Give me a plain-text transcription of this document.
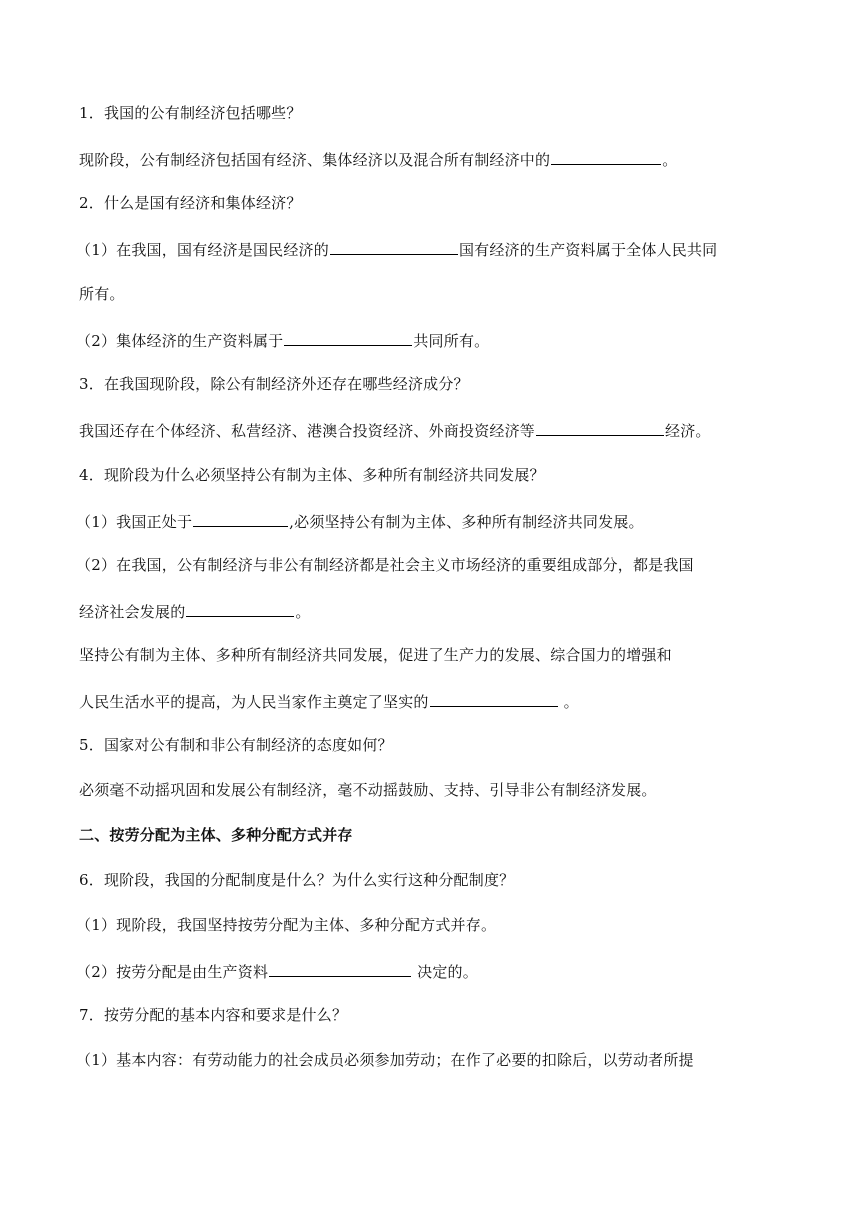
1．我国的公有制经济包括哪些？
现阶段，公有制经济包括国有经济、集体经济以及混合所有制经济中的	。
2．什么是国有经济和集体经济？
（1）在我国，国有经济是国民经济的	国有经济的生产资料属于全体人民共同
所有。
（2）集体经济的生产资料属于	共同所有。
3．在我国现阶段，除公有制经济外还存在哪些经济成分？
我国还存在个体经济、私营经济、港澳合投资经济、外商投资经济等	经济。
4．现阶段为什么必须坚持公有制为主体、多种所有制经济共同发展？
（1）我国正处于	,必须坚持公有制为主体、多种所有制经济共同发展。
（2）在我国，公有制经济与非公有制经济都是社会主义市场经济的重要组成部分，都是我国
经济社会发展的	。
坚持公有制为主体、多种所有制经济共同发展，促进了生产力的发展、综合国力的增强和
人民生活水平的提高，为人民当家作主奠定了坚实的	。
5．国家对公有制和非公有制经济的态度如何？
必须毫不动摇巩固和发展公有制经济，毫不动摇鼓励、支持、引导非公有制经济发展。
二、按劳分配为主体、多种分配方式并存
6．现阶段，我国的分配制度是什么？为什么实行这种分配制度？
（1）现阶段，我国坚持按劳分配为主体、多种分配方式并存。
（2）按劳分配是由生产资料	决定的。
7．按劳分配的基本内容和要求是什么？
（1）基本内容：有劳动能力的社会成员必须参加劳动；在作了必要的扣除后，以劳动者所提
